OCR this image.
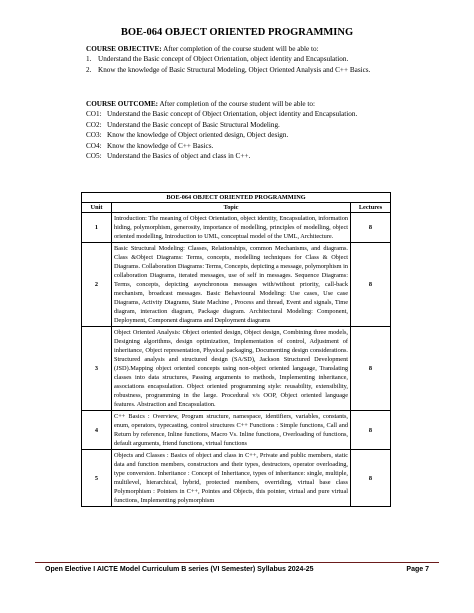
BOE-064 OBJECT ORIENTED PROGRAMMING
COURSE OBJECTIVE: After completion of the course student will be able to:
1. Understand the Basic concept of Object Orientation, object identity and Encapsulation.
2. Know the knowledge of Basic Structural Modeling, Object Oriented Analysis and C++ Basics.
COURSE OUTCOME: After completion of the course student will be able to:
CO1: Understand the Basic concept of Object Orientation, object identity and Encapsulation.
CO2: Understand the Basic concept of Basic Structural Modeling.
CO3: Know the knowledge of Object oriented design, Object design.
CO4: Know the knowledge of C++ Basics.
CO5: Understand the Basics of object and class in C++.
BOE-064 OBJECT ORIENTED PROGRAMMING		
Unit	Topic	Lectures
1	Introduction: The meaning of Object Orientation, object identity, Encapsulation, information hiding, polymorphism, generosity, importance of modelling, principles of modelling, object oriented modelling, Introduction to UML, conceptual model of the UML, Architecture.	8
2	Basic Structural Modeling: Classes, Relationships, common Mechanisms, and diagrams. Class &Object Diagrams: Terms, concepts, modelling techniques for Class & Object Diagrams. Collaboration Diagrams: Terms, Concepts, depicting a message, polymorphism in collaboration Diagrams, iterated messages, use of self in messages. Sequence Diagrams: Terms, concepts, depicting asynchronous messages with/without priority, call-back mechanism, broadcast messages. Basic Behavioural Modeling: Use cases, Use case Diagrams, Activity Diagrams, State Machine , Process and thread, Event and signals, Time diagram, interaction diagram, Package diagram. Architectural Modeling: Component, Deployment, Component diagrams and Deployment diagrams	8
3	Object Oriented Analysis: Object oriented design, Object design, Combining three models, Designing algorithms, design optimization, Implementation of control, Adjustment of inheritance, Object representation, Physical packaging, Documenting design considerations. Structured analysis and structured design (SA/SD), Jackson Structured Development (JSD).Mapping object oriented concepts using non-object oriented language, Translating classes into data structures, Passing arguments to methods, Implementing inheritance, associations encapsulation. Object oriented programming style: reusability, extensibility, robustness, programming in the large. Procedural v/s OOP, Object oriented language features. Abstraction and Encapsulation.	8
4	C++ Basics : Overview, Program structure, namespace, identifiers, variables, constants, enum, operators, typecasting, control structures C++ Functions : Simple functions, Call and Return by reference, Inline functions, Macro Vs. Inline functions, Overloading of functions, default arguments, friend functions, virtual functions	8
5	Objects and Classes : Basics of object and class in C++, Private and public members, static data and function members, constructors and their types, destructors, operator overloading, type conversion. Inheritance : Concept of Inheritance, types of inheritance: single, multiple, multilevel, hierarchical, hybrid, protected members, overriding, virtual base class Polymorphism : Pointers in C++, Pointes and Objects, this pointer, virtual and pure virtual functions, Implementing polymorphism	8
Open Elective I AICTE Model Curriculum B series (VI Semester) Syllabus 2024-25	Page 7
